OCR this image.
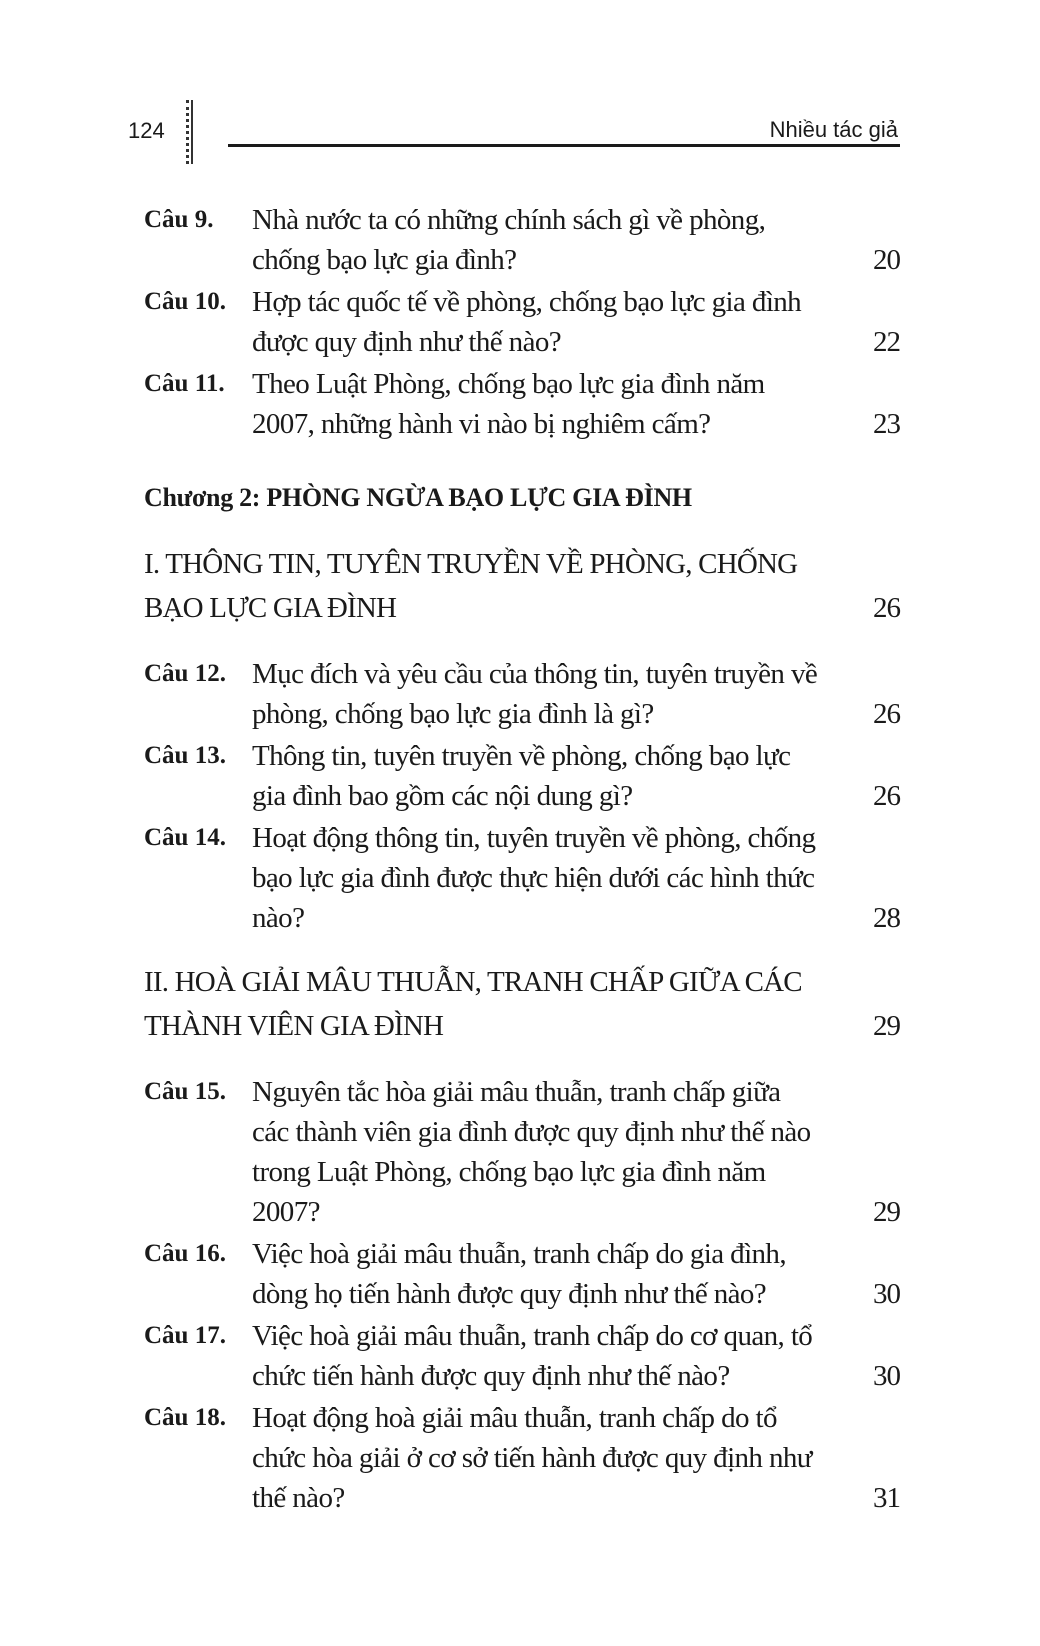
124	Nhiều tác giả
Câu 9. Nhà nước ta có những chính sách gì về phòng, chống bạo lực gia đình?	20
Câu 10. Hợp tác quốc tế về phòng, chống bạo lực gia đình được quy định như thế nào?	22
Câu 11. Theo Luật Phòng, chống bạo lực gia đình năm 2007, những hành vi nào bị nghiêm cấm?	23
Chương 2: PHÒNG NGỪA BẠO LỰC GIA ĐÌNH
I. THÔNG TIN, TUYÊN TRUYỀN VỀ PHÒNG, CHỐNG BẠO LỰC GIA ĐÌNH	26
Câu 12. Mục đích và yêu cầu của thông tin, tuyên truyền về phòng, chống bạo lực gia đình là gì?	26
Câu 13. Thông tin, tuyên truyền về phòng, chống bạo lực gia đình bao gồm các nội dung gì?	26
Câu 14. Hoạt động thông tin, tuyên truyền về phòng, chống bạo lực gia đình được thực hiện dưới các hình thức nào?	28
II. HOÀ GIẢI MÂU THUẪN, TRANH CHẤP GIỮA CÁC THÀNH VIÊN GIA ĐÌNH	29
Câu 15. Nguyên tắc hòa giải mâu thuẫn, tranh chấp giữa các thành viên gia đình được quy định như thế nào trong Luật Phòng, chống bạo lực gia đình năm 2007?	29
Câu 16. Việc hoà giải mâu thuẫn, tranh chấp do gia đình, dòng họ tiến hành được quy định như thế nào?	30
Câu 17. Việc hoà giải mâu thuẫn, tranh chấp do cơ quan, tổ chức tiến hành được quy định như thế nào?	30
Câu 18. Hoạt động hoà giải mâu thuẫn, tranh chấp do tổ chức hòa giải ở cơ sở tiến hành được quy định như thế nào?	31
